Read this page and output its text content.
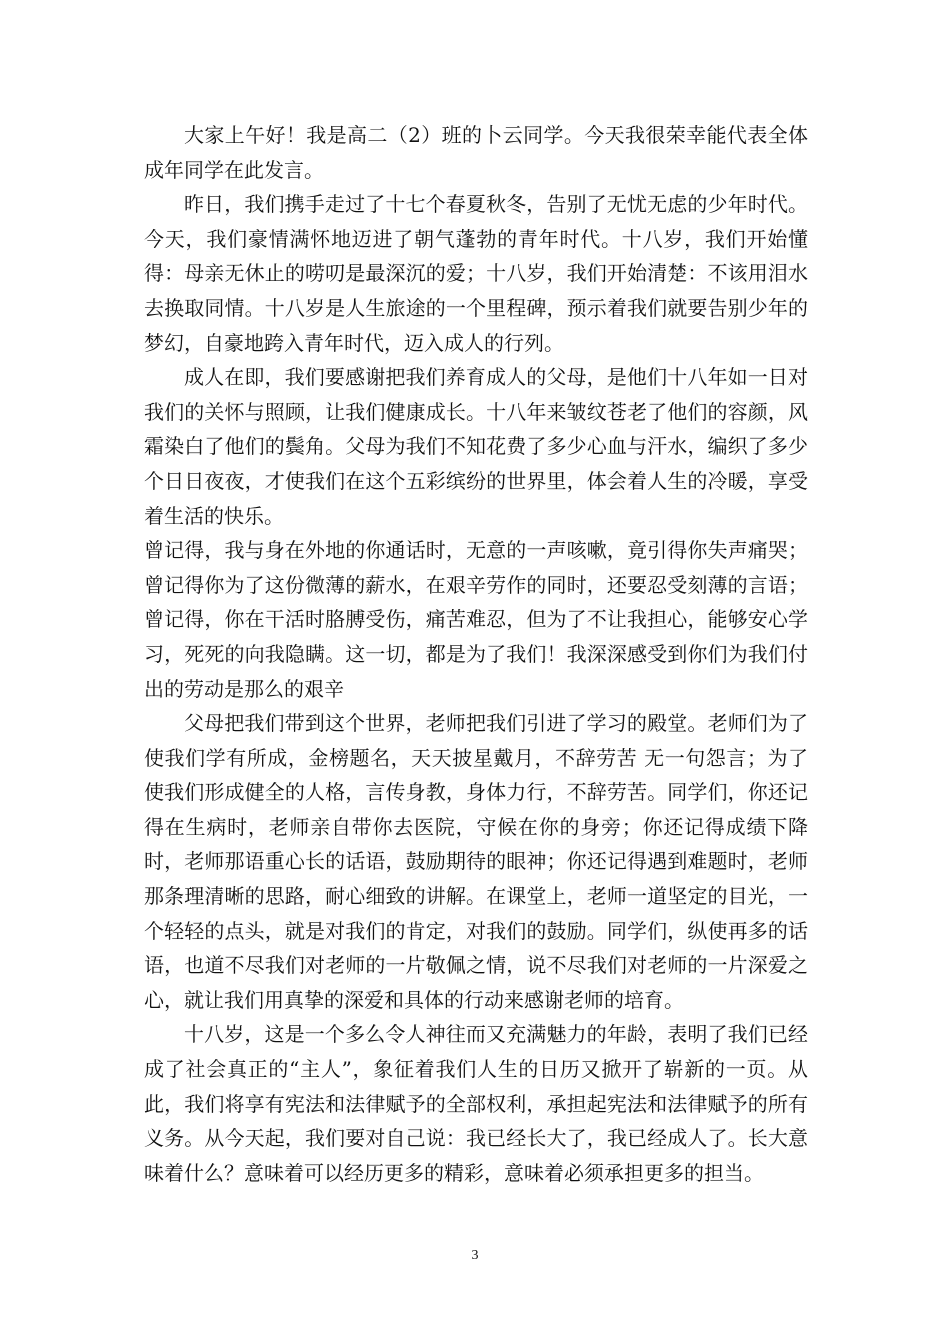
大家上午好！我是高二（2）班的卜云同学。今天我很荣幸能代表全体成年同学在此发言。

昨日，我们携手走过了十七个春夏秋冬，告别了无忧无虑的少年时代。今天，我们豪情满怀地迈进了朝气蓬勃的青年时代。十八岁，我们开始懂得：母亲无休止的唠叨是最深沉的爱；十八岁，我们开始清楚：不该用泪水去换取同情。十八岁是人生旅途的一个里程碑，预示着我们就要告别少年的梦幻，自豪地跨入青年时代，迈入成人的行列。

成人在即，我们要感谢把我们养育成人的父母，是他们十八年如一日对我们的关怀与照顾，让我们健康成长。十八年来皱纹苍老了他们的容颜，风霜染白了他们的鬓角。父母为我们不知花费了多少心血与汗水，编织了多少个日日夜夜，才使我们在这个五彩缤纷的世界里，体会着人生的冷暖，享受着生活的快乐。

曾记得，我与身在外地的你通话时，无意的一声咳嗽，竟引得你失声痛哭；曾记得你为了这份微薄的薪水，在艰辛劳作的同时，还要忍受刻薄的言语；曾记得，你在干活时胳膊受伤，痛苦难忍，但为了不让我担心，能够安心学习，死死的向我隐瞒。这一切，都是为了我们！我深深感受到你们为我们付出的劳动是那么的艰辛

父母把我们带到这个世界，老师把我们引进了学习的殿堂。老师们为了使我们学有所成，金榜题名，天天披星戴月，不辞劳苦 无一句怨言；为了使我们形成健全的人格，言传身教，身体力行，不辞劳苦。同学们，你还记得在生病时，老师亲自带你去医院，守候在你的身旁；你还记得成绩下降时，老师那语重心长的话语，鼓励期待的眼神；你还记得遇到难题时，老师那条理清晰的思路，耐心细致的讲解。在课堂上，老师一道坚定的目光，一个轻轻的点头，就是对我们的肯定，对我们的鼓励。同学们，纵使再多的话语，也道不尽我们对老师的一片敬佩之情，说不尽我们对老师的一片深爱之心，就让我们用真挚的深爱和具体的行动来感谢老师的培育。

十八岁，这是一个多么令人神往而又充满魅力的年龄，表明了我们已经成了社会真正的“主人”，象征着我们人生的日历又掀开了崭新的一页。从此，我们将享有宪法和法律赋予的全部权利，承担起宪法和法律赋予的所有义务。从今天起，我们要对自己说：我已经长大了，我已经成人了。长大意味着什么？意味着可以经历更多的精彩，意味着必须承担更多的担当。

3
